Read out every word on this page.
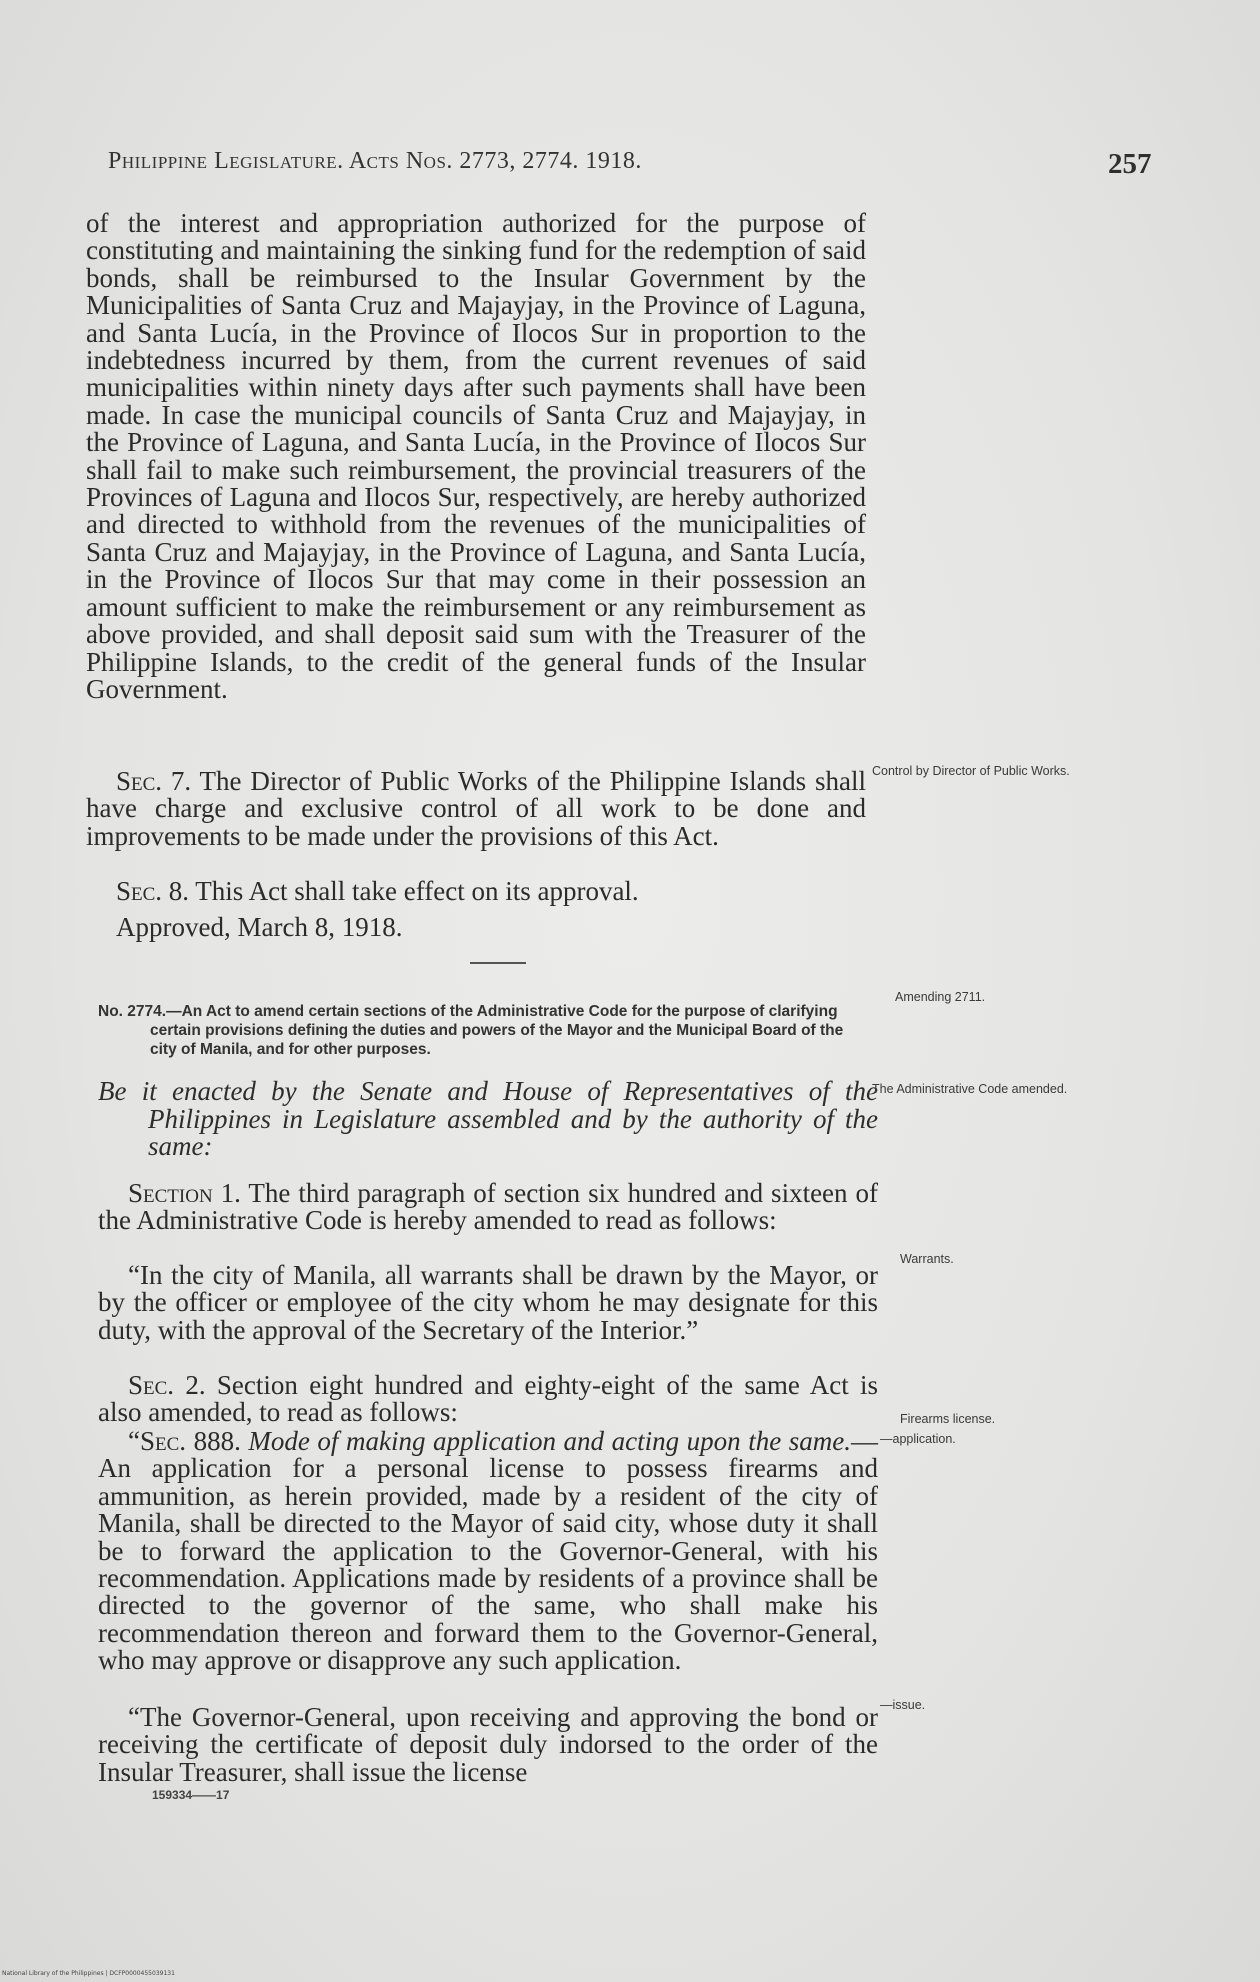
Philippine Legislature. Acts Nos. 2773, 2774. 1918.	257

of the interest and appropriation authorized for the purpose of constituting and maintaining the sinking fund for the redemption of said bonds, shall be reimbursed to the Insular Government by the Municipalities of Santa Cruz and Majayjay, in the Province of Laguna, and Santa Lucía, in the Province of Ilocos Sur in proportion to the indebtedness incurred by them, from the current revenues of said municipalities within ninety days after such payments shall have been made. In case the municipal councils of Santa Cruz and Majayjay, in the Province of Laguna, and Santa Lucía, in the Province of Ilocos Sur shall fail to make such reimbursement, the provincial treasurers of the Provinces of Laguna and Ilocos Sur, respectively, are hereby authorized and directed to withhold from the revenues of the municipalities of Santa Cruz and Majayjay, in the Province of Laguna, and Santa Lucía, in the Province of Ilocos Sur that may come in their possession an amount sufficient to make the reimbursement or any reimbursement as above provided, and shall deposit said sum with the Treasurer of the Philippine Islands, to the credit of the general funds of the Insular Government.

Sec. 7. The Director of Public Works of the Philippine Islands shall have charge and exclusive control of all work to be done and improvements to be made under the provisions of this Act.

Sec. 8. This Act shall take effect on its approval.

Approved, March 8, 1918.

No. 2774.—An Act to amend certain sections of the Administrative Code for the purpose of clarifying certain provisions defining the duties and powers of the Mayor and the Municipal Board of the city of Manila, and for other purposes.

Be it enacted by the Senate and House of Representatives of the Philippines in Legislature assembled and by the authority of the same:

Section 1. The third paragraph of section six hundred and sixteen of the Administrative Code is hereby amended to read as follows:

“In the city of Manila, all warrants shall be drawn by the Mayor, or by the officer or employee of the city whom he may designate for this duty, with the approval of the Secretary of the Interior.”

Sec. 2. Section eight hundred and eighty-eight of the same Act is also amended, to read as follows:

“Sec. 888. Mode of making application and acting upon the same.—An application for a personal license to possess firearms and ammunition, as herein provided, made by a resident of the city of Manila, shall be directed to the Mayor of said city, whose duty it shall be to forward the application to the Governor-General, with his recommendation. Applications made by residents of a province shall be directed to the governor of the same, who shall make his recommendation thereon and forward them to the Governor-General, who may approve or disapprove any such application.

“The Governor-General, upon receiving and approving the bond or receiving the certificate of deposit duly indorsed to the order of the Insular Treasurer, shall issue the license

159334——17
Control by Director of Public Works.
Amending 2711.
The Administrative Code amended.
Warrants.
Firearms license.
—application.
—issue.
National Library of the Philippines | DCFP0000455039131
